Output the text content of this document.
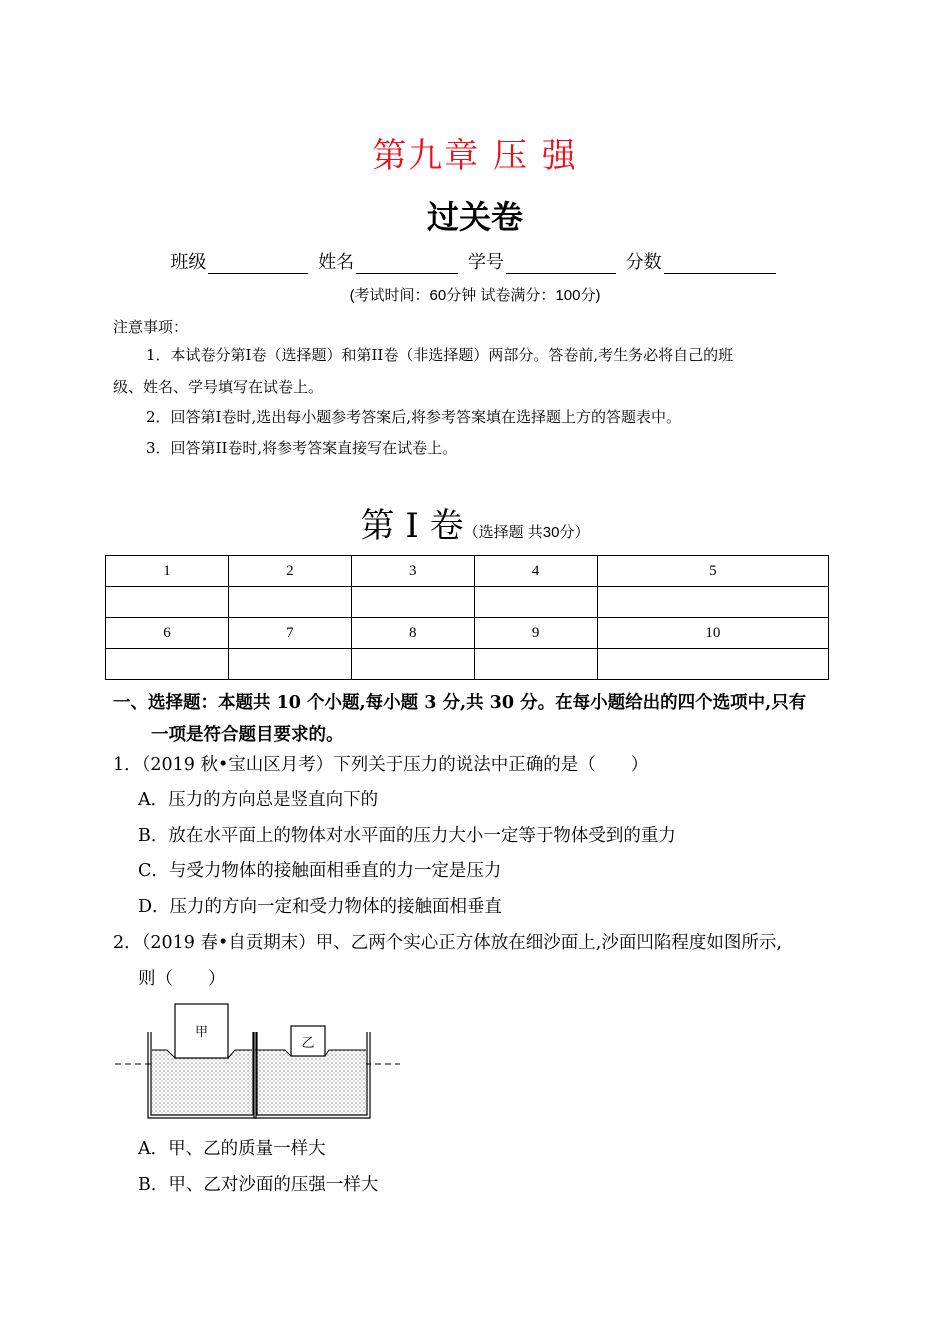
第九章 压 强
过关卷
班级	姓名	学号	分数
(考试时间：60分钟 试卷满分：100分)
注意事项：
1．本试卷分第I卷（选择题）和第II卷（非选择题）两部分。答卷前,考生务必将自己的班
级、姓名、学号填写在试卷上。
2．回答第I卷时,选出每小题参考答案后,将参考答案填在选择题上方的答题表中。
3．回答第II卷时,将参考答案直接写在试卷上。
第 I 卷（选择题 共30分）
1	2	3	4	5

6	7	8	9	10

一、选择题：本题共 10 个小题,每小题 3 分,共 30 分。在每小题给出的四个选项中,只有
一项是符合题目要求的。
1．（2019 秋•宝山区月考）下列关于压力的说法中正确的是（　　）
A．压力的方向总是竖直向下的
B．放在水平面上的物体对水平面的压力大小一定等于物体受到的重力
C．与受力物体的接触面相垂直的力一定是压力
D．压力的方向一定和受力物体的接触面相垂直
2．（2019 春•自贡期末）甲、乙两个实心正方体放在细沙面上,沙面凹陷程度如图所示,
则（　　）
甲
乙
A．甲、乙的质量一样大
B．甲、乙对沙面的压强一样大
